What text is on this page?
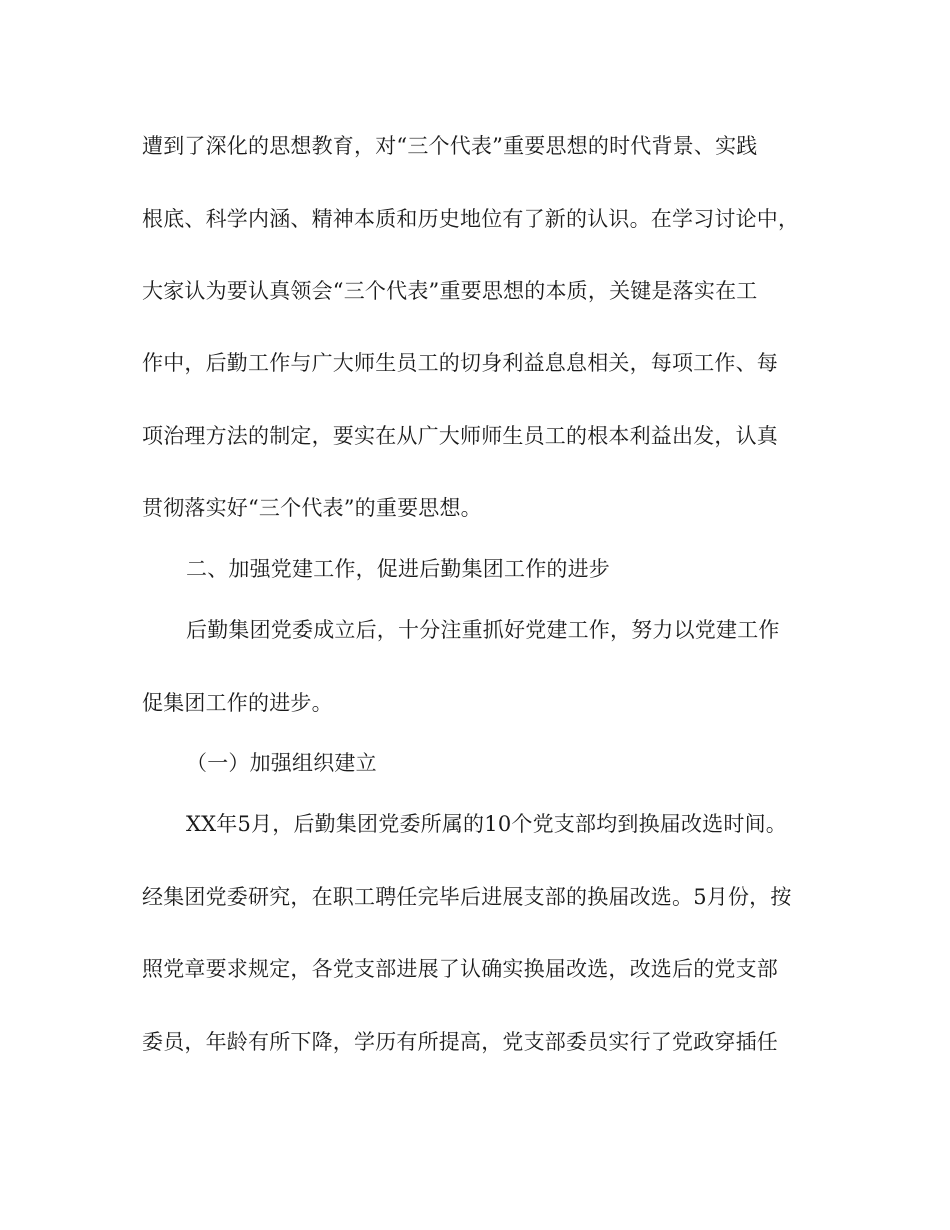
遭到了深化的思想教育，对“三个代表”重要思想的时代背景、实践
根底、科学内涵、精神本质和历史地位有了新的认识。在学习讨论中，
大家认为要认真领会“三个代表”重要思想的本质，关键是落实在工
作中，后勤工作与广大师生员工的切身利益息息相关，每项工作、每
项治理方法的制定，要实在从广大师师生员工的根本利益出发，认真
贯彻落实好“三个代表”的重要思想。
二、加强党建工作，促进后勤集团工作的进步
后勤集团党委成立后，十分注重抓好党建工作，努力以党建工作
促集团工作的进步。
（一）加强组织建立
XX年5月，后勤集团党委所属的10个党支部均到换届改选时间。
经集团党委研究，在职工聘任完毕后进展支部的换届改选。5月份，按
照党章要求规定，各党支部进展了认确实换届改选，改选后的党支部
委员，年龄有所下降，学历有所提高，党支部委员实行了党政穿插任
